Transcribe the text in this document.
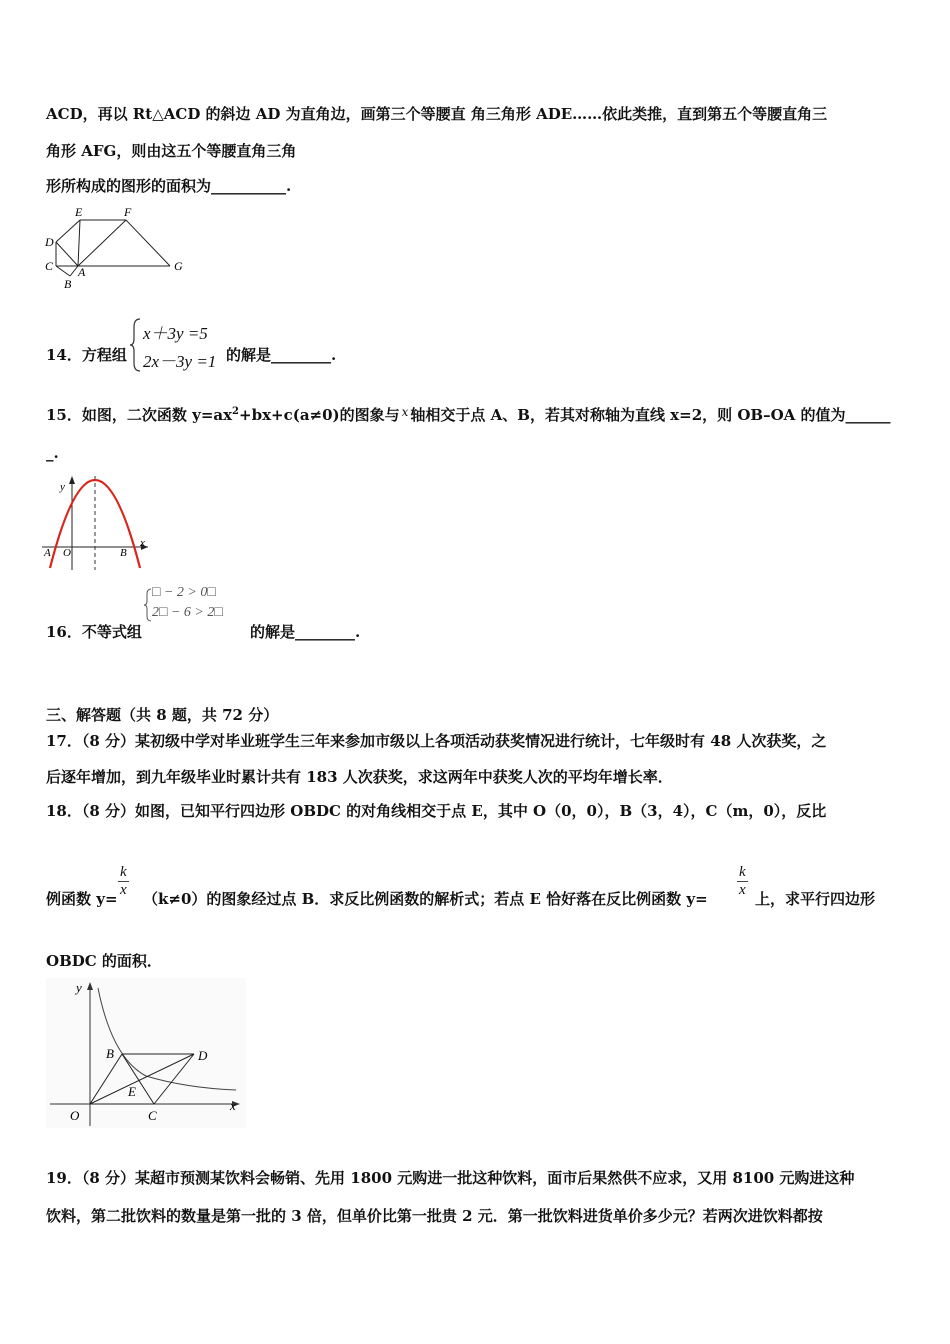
ACD，再以 Rt△ACD 的斜边 AD 为直角边，画第三个等腰直 角三角形 ADE……依此类推，直到第五个等腰直角三
角形 AFG，则由这五个等腰直角三角
形所构成的图形的面积为__________.
E	F
D
C A
B
G
14．方程组
x＋3y =5
2x－3y =1 的解是________.
15．如图，二次函数 $y=ax^2+bx+c(a\ne 0)$的图象与 $^x$ 轴相交于点 A、B，若其对称轴为直线 x=2，则 OB–OA 的值为______
_.
y
A O	B
x
16．不等式组
□ − 2 > 0□
2□ − 6 > 2□
的解是________.
三、解答题（共 8 题，共 72 分）
17．（8 分）某初级中学对毕业班学生三年来参加市级以上各项活动获奖情况进行统计，七年级时有 48 人次获奖，之
后逐年增加，到九年级毕业时累计共有 183 人次获奖，求这两年中获奖人次的平均年增长率．
18．（8 分）如图，已知平行四边形 OBDC 的对角线相交于点 E，其中 O（0，0），B（3，4），C（m，0），反比
例函数 $y= \frac{k}{x} (k\ne 0)$的图象经过点 B．求反比例函数的解析式；若点 E 恰好落在反比例函数 $y= \frac{k}{x}$ 上，求平行四边形
OBDC 的面积．
y
B	D
E
O	C
x
19．（8 分）某超市预测某饮料会畅销、先用 1800 元购进一批这种饮料，面市后果然供不应求，又用 8100 元购进这种
饮料，第二批饮料的数量是第一批的 3 倍，但单价比第一批贵 2 元．第一批饮料进货单价多少元？若两次进饮料都按
